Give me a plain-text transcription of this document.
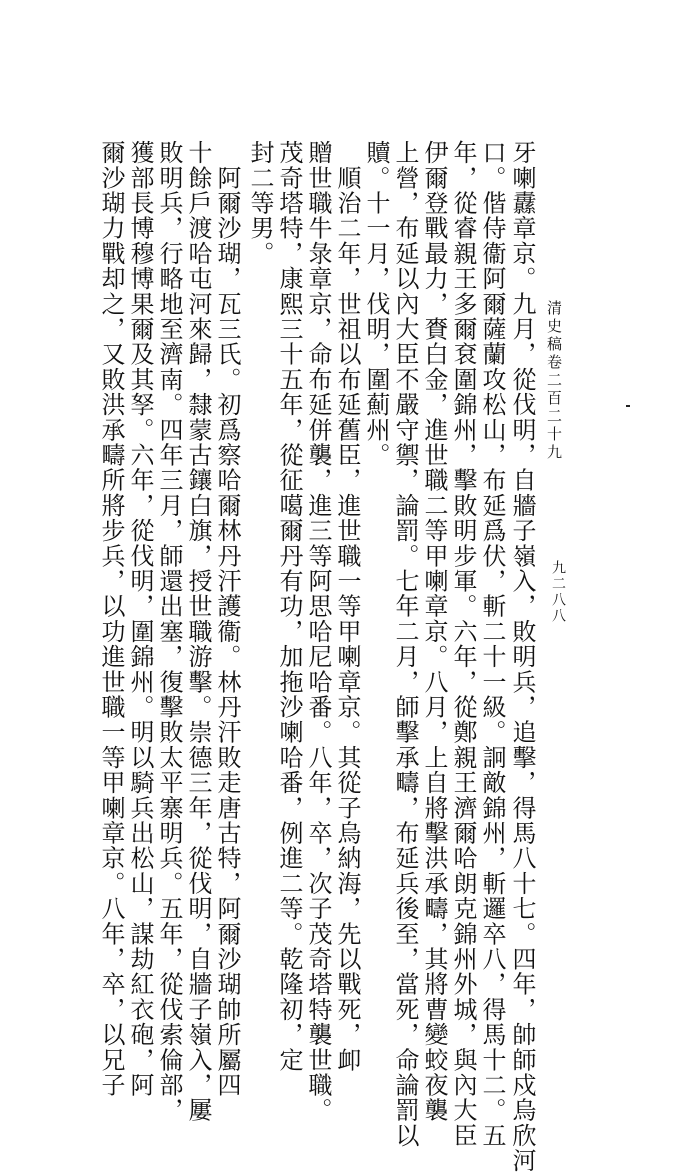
清史稿卷二百二十九
九二八八
牙喇纛章京。九月，從伐明，自牆子嶺入，敗明兵，追擊，得馬八十七。四年，帥師戍烏欣河
口。偕侍衞阿爾薩蘭攻松山，布延爲伏，斬二十一級。詗敵錦州，斬邏卒八，得馬十二。五
年，從睿親王多爾袞圍錦州，擊敗明步軍。六年，從鄭親王濟爾哈朗克錦州外城，與內大臣
伊爾登戰最力，賚白金，進世職二等甲喇章京。八月，上自將擊洪承疇，其將曹變蛟夜襲
上營，布延以內大臣不嚴守禦，論罰。七年二月，師擊承疇，布延兵後至，當死，命論罰以
贖。十一月，伐明，圍薊州。
　順治二年，世祖以布延舊臣，進世職一等甲喇章京。其從子烏納海，先以戰死，卹
贈世職牛彔章京，命布延併襲，進三等阿思哈尼哈番。八年，卒，次子茂奇塔特襲世職。
茂奇塔特，康熙三十五年，從征噶爾丹有功，加拖沙喇哈番，例進二等。乾隆初，定
封二等男。
　阿爾沙瑚，瓦三氏。初爲察哈爾林丹汗護衞。林丹汗敗走唐古特，阿爾沙瑚帥所屬四
十餘戶渡哈屯河來歸，隸蒙古鑲白旗，授世職游擊。崇德三年，從伐明，自牆子嶺入，屢
敗明兵，行略地至濟南。四年三月，師還出塞，復擊敗太平寨明兵。五年，從伐索倫部，
獲部長博穆博果爾及其孥。六年，從伐明，圍錦州。明以騎兵出松山，謀劫紅衣砲，阿
爾沙瑚力戰却之，又敗洪承疇所將步兵，以功進世職一等甲喇章京。八年，卒，以兄子
